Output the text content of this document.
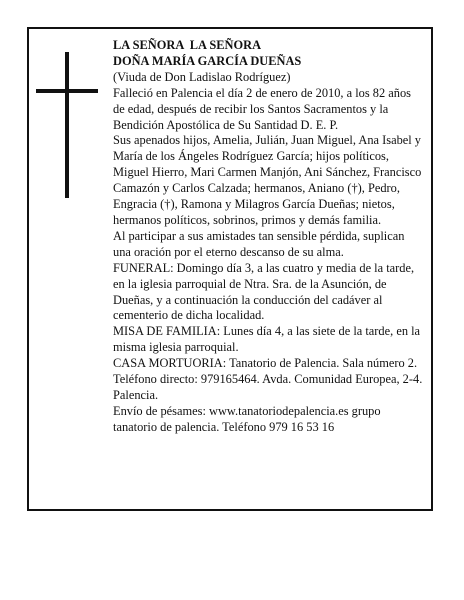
LA SEÑORA  LA SEÑORA

DOÑA MARÍA GARCÍA DUEÑAS

(Viuda de Don Ladislao Rodríguez)

Falleció en Palencia el día 2 de enero de 2010, a los 82 años de edad, después de recibir los Santos Sacramentos y la Bendición Apostólica de Su Santidad D. E. P.

Sus apenados hijos, Amelia, Julián, Juan Miguel, Ana Isabel y María de los Ángeles Rodríguez García; hijos políticos, Miguel Hierro, Mari Carmen Manjón, Ani Sánchez, Francisco Camazón y Carlos Calzada; hermanos, Aniano (†), Pedro, Engracia (†), Ramona y Milagros García Dueñas; nietos, hermanos políticos, sobrinos, primos y demás familia.

Al participar a sus amistades tan sensible pérdida, suplican una oración por el eterno descanso de su alma.

FUNERAL: Domingo día 3, a las cuatro y media de la tarde, en la iglesia parroquial de Ntra. Sra. de la Asunción, de Dueñas, y a continuación la conducción del cadáver al cementerio de dicha localidad.

MISA DE FAMILIA: Lunes día 4, a las siete de la tarde, en la misma iglesia parroquial.

CASA MORTUORIA: Tanatorio de Palencia. Sala número 2. Teléfono directo: 979165464. Avda. Comunidad Europea, 2-4. Palencia.

Envío de pésames: www.tanatoriodepalencia.es grupo tanatorio de palencia. Teléfono 979 16 53 16
